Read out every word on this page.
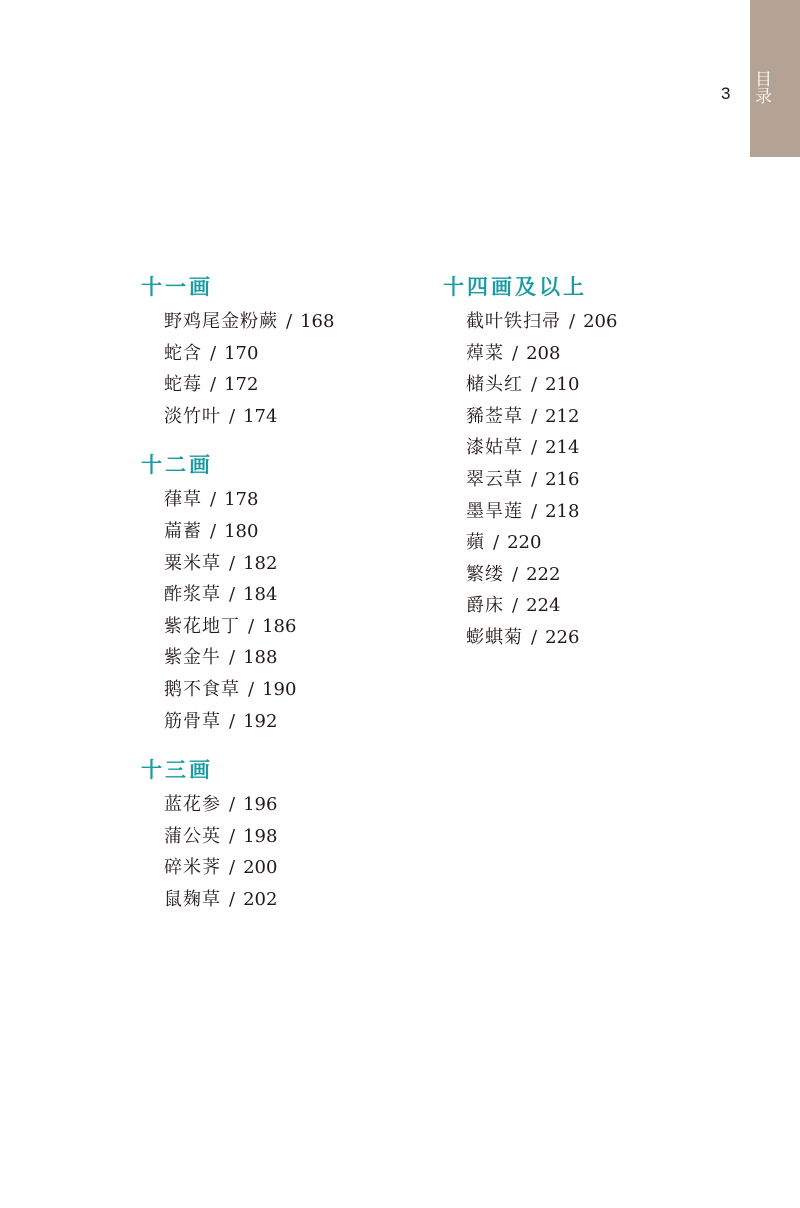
目录
3
十一画
野鸡尾金粉蕨 / 168
蛇含 / 170
蛇莓 / 172
淡竹叶 / 174
十二画
葎草 / 178
萹蓄 / 180
粟米草 / 182
酢浆草 / 184
紫花地丁 / 186
紫金牛 / 188
鹅不食草 / 190
筋骨草 / 192
十三画
蓝花参 / 196
蒲公英 / 198
碎米荠 / 200
鼠麹草 / 202
十四画及以上
截叶铁扫帚 / 206
蔊菜 / 208
槠头红 / 210
豨莶草 / 212
漆姑草 / 214
翠云草 / 216
墨旱莲 / 218
蘋 / 220
繁缕 / 222
爵床 / 224
蟛蜞菊 / 226
